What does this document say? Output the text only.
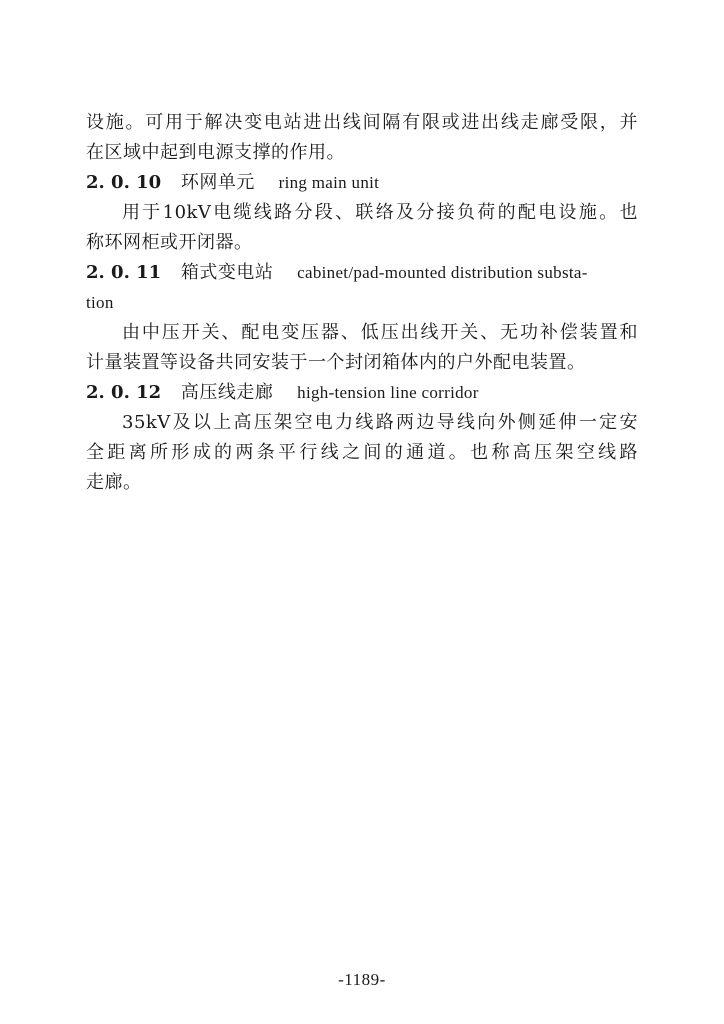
设施。可用于解决变电站进出线间隔有限或进出线走廊受限，并
在区域中起到电源支撑的作用。
2. 0. 10 环网单元 ring main unit
用于10kV电缆线路分段、联络及分接负荷的配电设施。也
称环网柜或开闭器。
2. 0. 11 箱式变电站 cabinet/pad-mounted distribution substa-
tion
由中压开关、配电变压器、低压出线开关、无功补偿装置和
计量装置等设备共同安装于一个封闭箱体内的户外配电装置。
2. 0. 12 高压线走廊 high-tension line corridor
35kV及以上高压架空电力线路两边导线向外侧延伸一定安
全距离所形成的两条平行线之间的通道。也称高压架空线路
走廊。
-1189-
